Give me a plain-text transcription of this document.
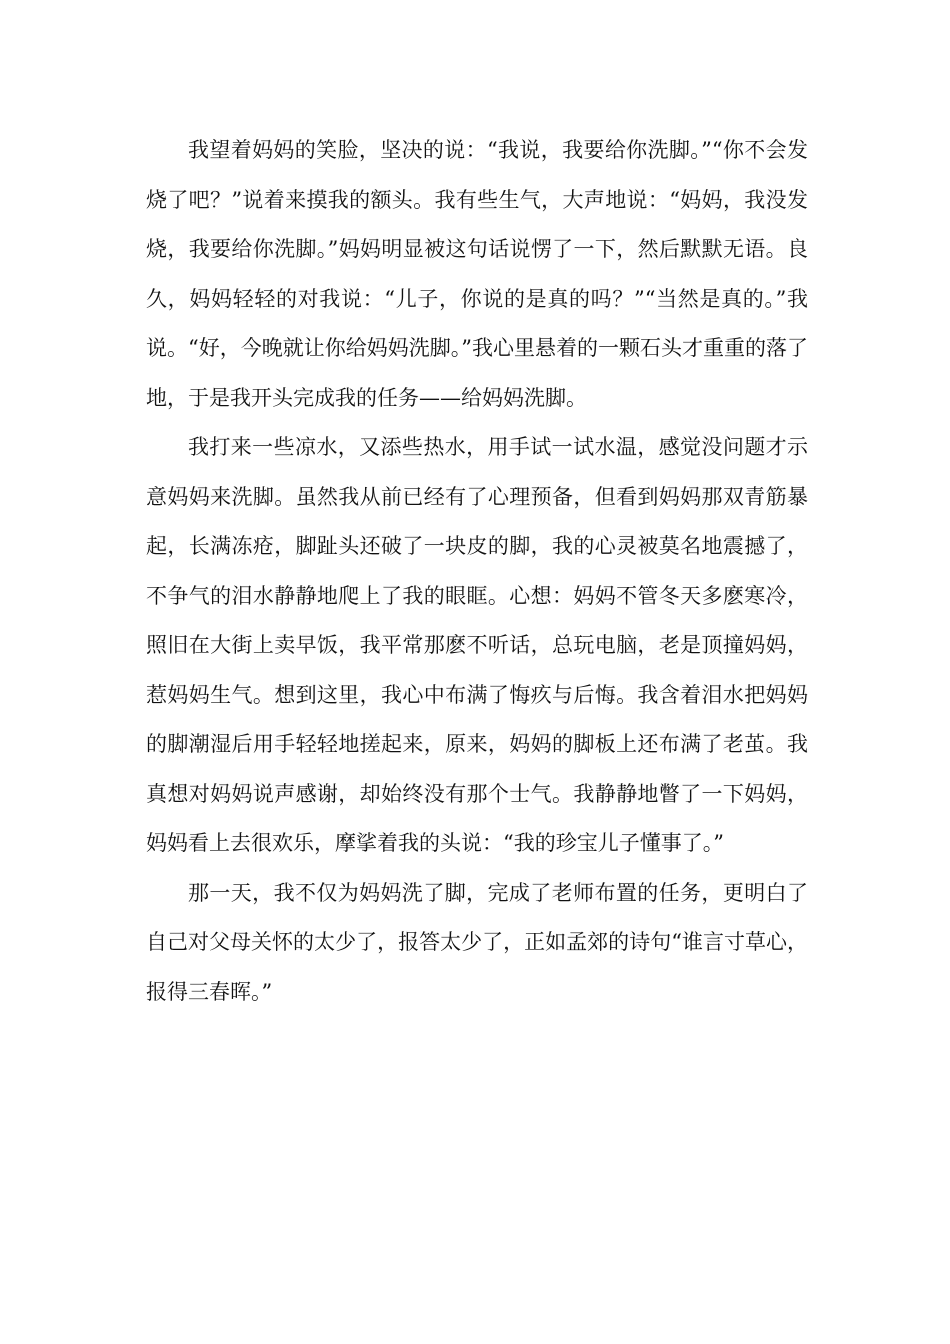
我望着妈妈的笑脸，坚决的说：“我说，我要给你洗脚。”“你不会发烧了吧？”说着来摸我的额头。我有些生气，大声地说：“妈妈，我没发烧，我要给你洗脚。”妈妈明显被这句话说愣了一下，然后默默无语。良久，妈妈轻轻的对我说：“儿子，你说的是真的吗？”“当然是真的。”我说。“好，今晚就让你给妈妈洗脚。”我心里悬着的一颗石头才重重的落了地，于是我开头完成我的任务——给妈妈洗脚。

我打来一些凉水，又添些热水，用手试一试水温，感觉没问题才示意妈妈来洗脚。虽然我从前已经有了心理预备，但看到妈妈那双青筋暴起，长满冻疮，脚趾头还破了一块皮的脚，我的心灵被莫名地震撼了，不争气的泪水静静地爬上了我的眼眶。心想：妈妈不管冬天多麽寒冷，照旧在大街上卖早饭，我平常那麽不听话，总玩电脑，老是顶撞妈妈，惹妈妈生气。想到这里，我心中布满了悔疚与后悔。我含着泪水把妈妈的脚潮湿后用手轻轻地搓起来，原来，妈妈的脚板上还布满了老茧。我真想对妈妈说声感谢，却始终没有那个士气。我静静地瞥了一下妈妈，妈妈看上去很欢乐，摩挲着我的头说：“我的珍宝儿子懂事了。”

那一天，我不仅为妈妈洗了脚，完成了老师布置的任务，更明白了自己对父母关怀的太少了，报答太少了，正如孟郊的诗句“谁言寸草心，报得三春晖。”
